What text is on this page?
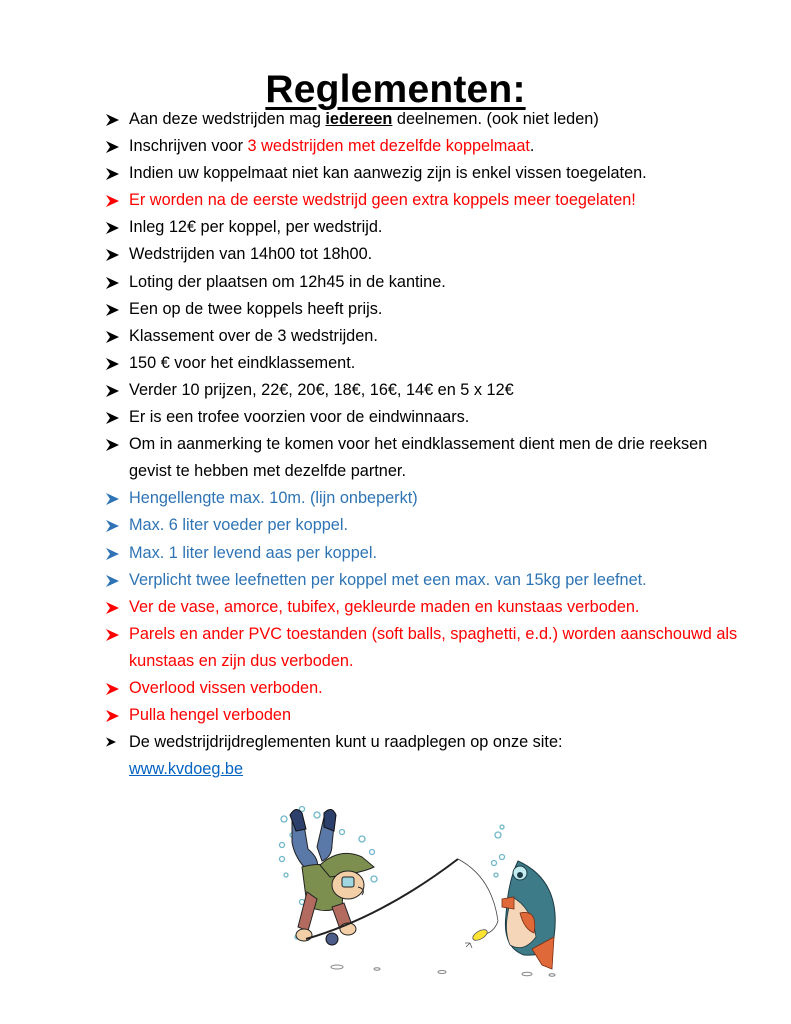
Reglementen:
Aan deze wedstrijden mag iedereen deelnemen. (ook niet leden)
Inschrijven voor 3 wedstrijden met dezelfde koppelmaat.
Indien uw koppelmaat niet kan aanwezig zijn is enkel vissen toegelaten.
Er worden na de eerste wedstrijd geen extra koppels meer toegelaten!
Inleg 12€ per koppel, per wedstrijd.
Wedstrijden van 14h00 tot 18h00.
Loting der plaatsen om 12h45 in de kantine.
Een op de twee koppels heeft prijs.
Klassement over de 3 wedstrijden.
150 € voor het eindklassement.
Verder 10 prijzen, 22€, 20€, 18€, 16€, 14€ en 5 x 12€
Er is een trofee voorzien voor de eindwinnaars.
Om in aanmerking te komen voor het eindklassement dient men de drie reeksen gevist te hebben met dezelfde partner.
Hengellengte max. 10m. (lijn onbeperkt)
Max. 6 liter voeder per koppel.
Max. 1 liter levend aas per koppel.
Verplicht twee leefnetten per koppel met een max. van 15kg per leefnet.
Ver de vase, amorce, tubifex, gekleurde maden en kunstaas verboden.
Parels en ander PVC toestanden (soft balls, spaghetti, e.d.) worden aanschouwd als kunstaas en zijn dus verboden.
Overlood vissen verboden.
Pulla hengel verboden
De wedstrijdrijdreglementen kunt u raadplegen op onze site:
www.kvdoeg.be
